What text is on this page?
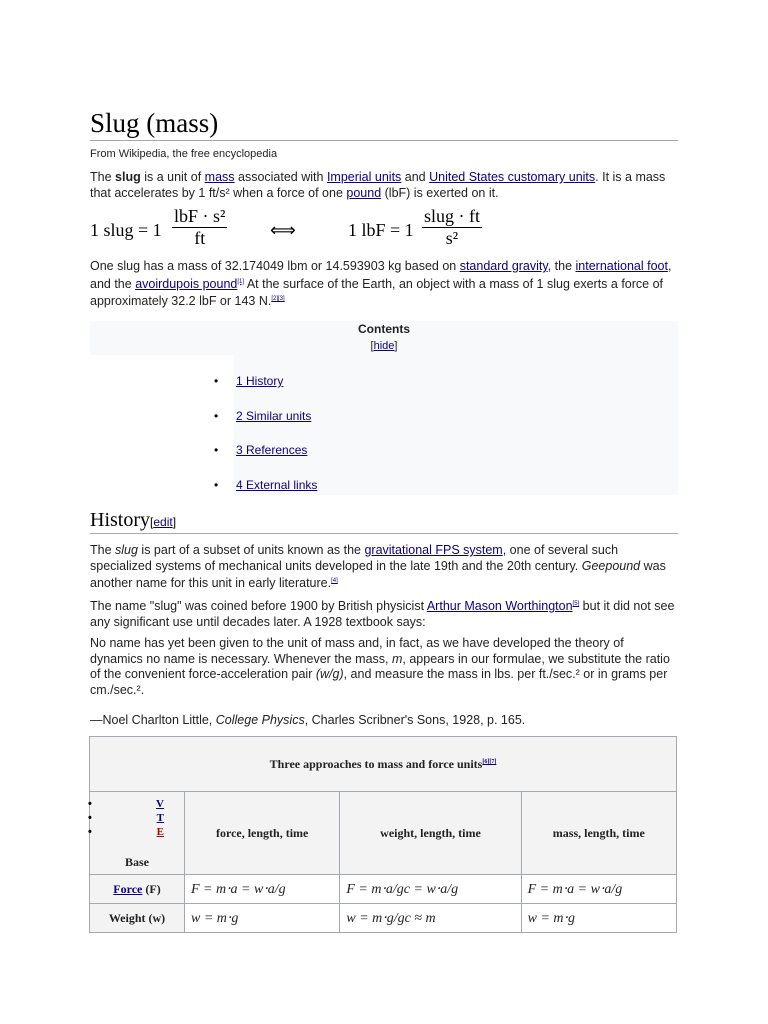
Slug (mass)
From Wikipedia, the free encyclopedia

The slug is a unit of mass associated with Imperial units and United States customary units. It is a mass that accelerates by 1 ft/s² when a force of one pound (lbF) is exerted on it.

1 slug = 1
lbF · s²
ft	⟺	1 lbF = 1
slug · ft
s²

One slug has a mass of 32.174049 lbm or 14.593903 kg based on standard gravity, the international foot, and the avoirdupois pound[1] At the surface of the Earth, an object with a mass of 1 slug exerts a force of approximately 32.2 lbF or 143 N.[2][3]

Contents
[hide]
• 1 History
• 2 Similar units
• 3 References
• 4 External links
History[edit]

The slug is part of a subset of units known as the gravitational FPS system, one of several such specialized systems of mechanical units developed in the late 19th and the 20th century. Geepound was another name for this unit in early literature.[4]

The name "slug" was coined before 1900 by British physicist Arthur Mason Worthington[5] but it did not see any significant use until decades later. A 1928 textbook says:

No name has yet been given to the unit of mass and, in fact, as we have developed the theory of dynamics no name is necessary. Whenever the mass, m, appears in our formulae, we substitute the ratio of the convenient force-acceleration pair (w/g), and measure the mass in lbs. per ft./sec.² or in grams per cm./sec.².

—Noel Charlton Little, College Physics, Charles Scribner's Sons, 1928, p. 165.

Three approaches to mass and force units[6][7]

• V
• T
• E
Base	force, length, time	weight, length, time	mass, length, time
Force (F)	F = m⋅a = w⋅a/g	F = m⋅a/gc = w⋅a/g	F = m⋅a = w⋅a/g
Weight (w)	w = m⋅g	w = m⋅g/gc ≈ m	w = m⋅g
